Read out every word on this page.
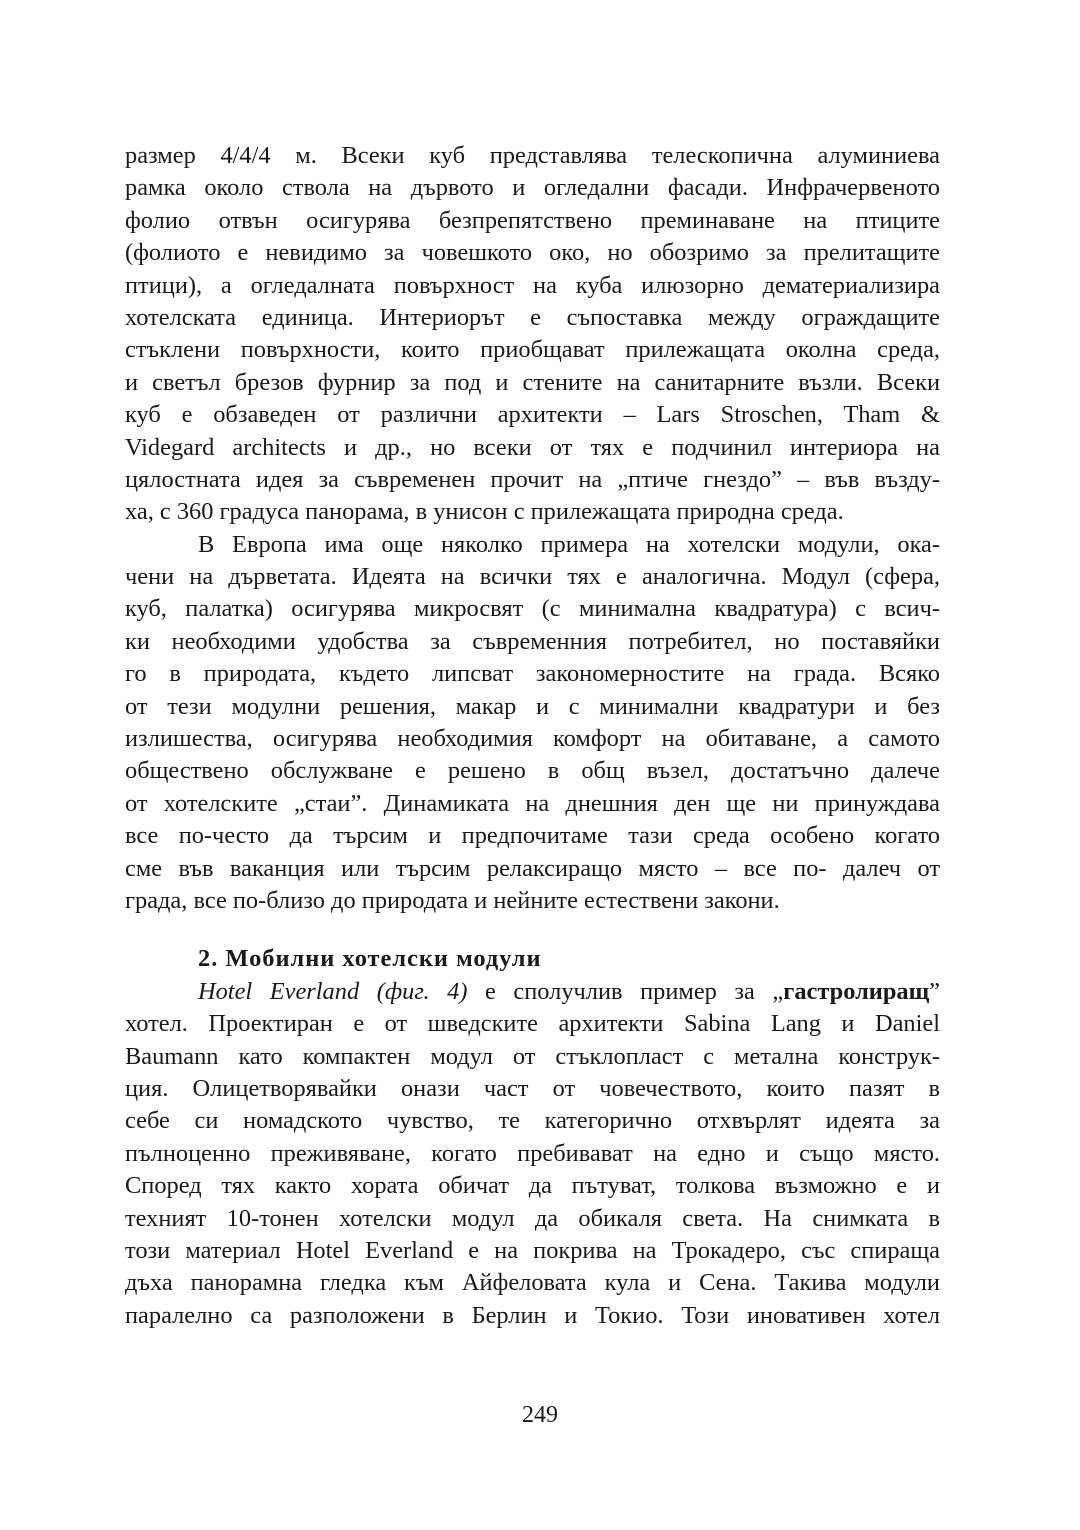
размер 4/4/4 м. Всеки куб представлява телескопична алуминиева
рамка около ствола на дървото и огледални фасади. Инфрачервеното
фолио отвън осигурява безпрепятствено преминаване на птиците
(фолиото е невидимо за човешкото око, но обозримо за прелитащите
птици), а огледалната повърхност на куба илюзорно дематериализира
хотелската единица. Интериорът е съпоставка между ограждащите
стъклени повърхности, които приобщават прилежащата околна среда,
и светъл брезов фурнир за под и стените на санитарните възли. Всеки
куб е обзаведен от различни архитекти – Lars Stroschen, Tham &
Videgard architects и др., но всеки от тях е подчинил интериора на
цялостната идея за съвременен прочит на „птиче гнездо” – във възду-
ха, с 360 градуса панорама, в унисон с прилежащата природна среда.
В Европа има още няколко примера на хотелски модули, ока-
чени на дърветата. Идеята на всички тях е аналогична. Модул (сфера,
куб, палатка) осигурява микросвят (с минимална квадратура) с всич-
ки необходими удобства за съвременния потребител, но поставяйки
го в природата, където липсват закономерностите на града. Всяко
от тези модулни решения, макар и с минимални квадратури и без
излишества, осигурява необходимия комфорт на обитаване, а самото
обществено обслужване е решено в общ възел, достатъчно далече
от хотелските „стаи”. Динамиката на днешния ден ще ни принуждава
все по-често да търсим и предпочитаме тази среда особено когато
сме във ваканция или търсим релаксиращо място – все по- далеч от
града, все по-близо до природата и нейните естествени закони.
2. Мобилни хотелски модули
Hotel Everland (фиг. 4) е сполучлив пример за „гастролиращ”
хотел. Проектиран е от шведските архитекти Sabina Lang и Daniel
Baumann като компактен модул от стъклопласт с метална конструк-
ция. Олицетворявайки онази част от човечеството, които пазят в
себе си номадското чувство, те категорично отхвърлят идеята за
пълноценно преживяване, когато пребивават на едно и също място.
Според тях както хората обичат да пътуват, толкова възможно е и
техният 10-тонен хотелски модул да обикаля света. На снимката в
този материал Hotel Everland е на покрива на Трокадеро, със спираща
дъха панорамна гледка към Айфеловата кула и Сена. Такива модули
паралелно са разположени в Берлин и Токио. Този иновативен хотел
249
